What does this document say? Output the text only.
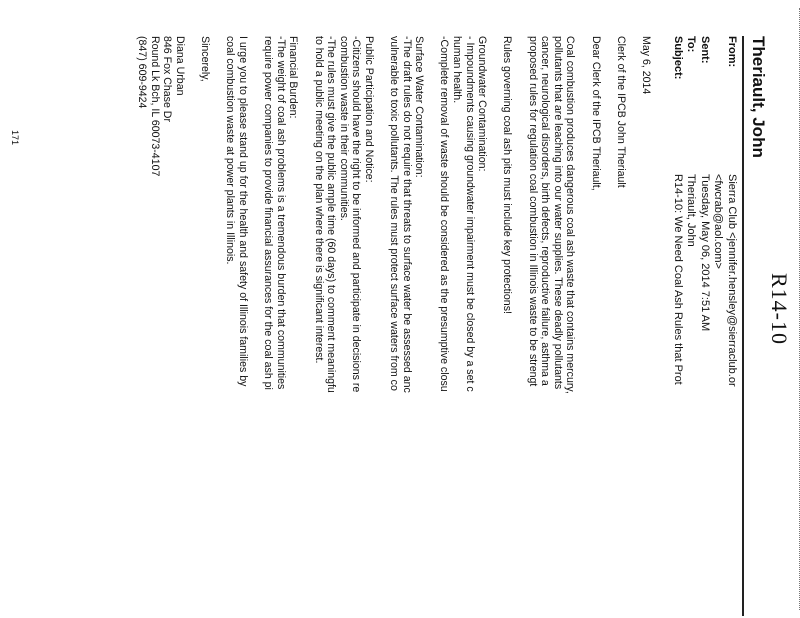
R14-10
Theriault, John
From:
Sierra Club <jennifer.hensley@sierraclub.or
<fwcrab@aol.com>
Sent:
Tuesday, May 06, 2014 7:51 AM
To:
Theriault, John
Subject:
R14-10: We Need Coal Ash Rules that Prot
May 6, 2014
Clerk of the IPCB John Theriault
Dear Clerk of the IPCB Theriault,
Coal combustion produces dangerous coal ash waste that contains mercury,
pollutants that are leaching into our water supplies. These deadly pollutants
cancer, neurological disorders, birth defects, reproductive failure, asthma a
proposed rules for regulation coal combustion in Illinois waste to be strengt
Rules governing coal ash pits must include key protections!
Groundwater Contamination:
- Impoundments causing groundwater impairment must be closed by a set c
human health.
-Complete removal of waste should be considered as the presumptive closu
Surface Water Contamination:
-The draft rules do not require that threats to surface water be assessed anc
vulnerable to toxic pollutants. The rules must protect surface waters from co
Public Participation and Notice:
-Citizens should have the right to be informed and participate in decisions re
combustion waste in their communities.
-The rules must give the public ample time (60 days) to comment meaningfu
to hold a public meeting on the plan where there is significant interest.
Financial Burden:
-The weight of coal ash problems is a tremendous burden that communities
require power companies to provide financial assurances for the coal ash pi
I urge you to please stand up for the health and safety of Illinois families by
coal combustion waste at power plants in Illinois.
Sincerely,
Diana Urban
846 Fox Chase Dr
Round Lk Bch, IL 60073-4107
(847) 609-9424
171
